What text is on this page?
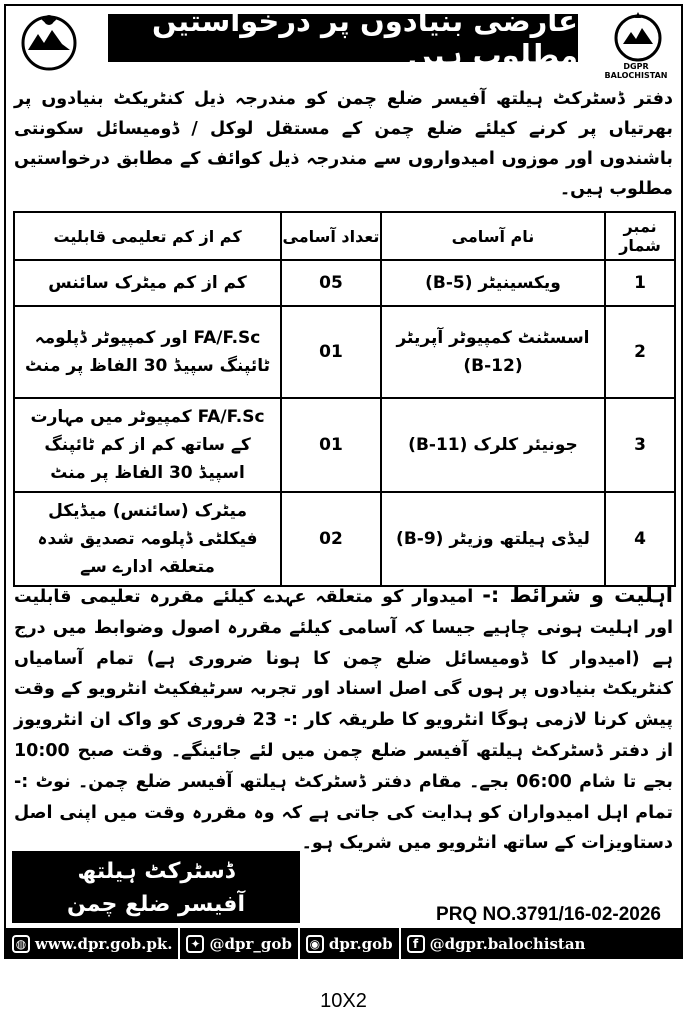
عارضی بنیادوں پر درخواستیں مطلوب ہیں	DGPR BALOCHISTAN

دفتر ڈسٹرکٹ ہیلتھ آفیسر ضلع چمن کو مندرجہ ذیل کنٹریکٹ بنیادوں پر بھرتیاں پر کرنے کیلئے ضلع چمن کے مستقل لوکل / ڈومیسائل سکونتی باشندوں اور موزوں امیدواروں سے مندرجہ ذیل کوائف کے مطابق درخواستیں مطلوب ہیں۔

نمبر شمار	نام آسامی	تعداد آسامی	کم از کم تعلیمی قابلیت
1	ویکسینیٹر (B-5)	05	کم از کم میٹرک سائنس
2	اسسٹنٹ کمپیوٹر آپریٹر (B-12)	01	FA/F.Sc اور کمپیوٹر ڈپلومہ ٹائپنگ سپیڈ 30 الفاظ پر منٹ
3	جونیئر کلرک (B-11)	01	FA/F.Sc کمپیوٹر میں مہارت کے ساتھ کم از کم ٹائپنگ اسپیڈ 30 الفاظ پر منٹ
4	لیڈی ہیلتھ وزیٹر (B-9)	02	میٹرک (سائنس) میڈیکل فیکلٹی ڈپلومہ تصدیق شدہ متعلقہ ادارے سے
اہلیت و شرائط :- امیدوار کو متعلقہ عہدے کیلئے مقررہ تعلیمی قابلیت اور اہلیت ہونی چاہیے جیسا کہ آسامی کیلئے مقررہ اصول وضوابط میں درج ہے (امیدوار کا ڈومیسائل ضلع چمن کا ہونا ضروری ہے) تمام آسامیاں کنٹریکٹ بنیادوں پر ہوں گی اصل اسناد اور تجربہ سرٹیفکیٹ انٹرویو کے وقت پیش کرنا لازمی ہوگا انٹرویو کا طریقہ کار :- 23 فروری کو واک ان انٹرویوز از دفتر ڈسٹرکٹ ہیلتھ آفیسر ضلع چمن میں لئے جائینگے۔ وقت صبح 10:00 بجے تا شام 06:00 بجے۔ مقام دفتر ڈسٹرکٹ ہیلتھ آفیسر ضلع چمن۔ نوٹ :- تمام اہل امیدواران کو ہدایت کی جاتی ہے کہ وہ مقررہ وقت میں اپنی اصل دستاویزات کے ساتھ انٹرویو میں شریک ہو۔
ڈسٹرکٹ ہیلتھ
آفیسر ضلع چمن	PRQ NO.3791/16-02-2026
◍ www.dpr.gob.pk.	✦ @dpr_gob	◉ dpr.gob	f @dgpr.balochistan
10X2
